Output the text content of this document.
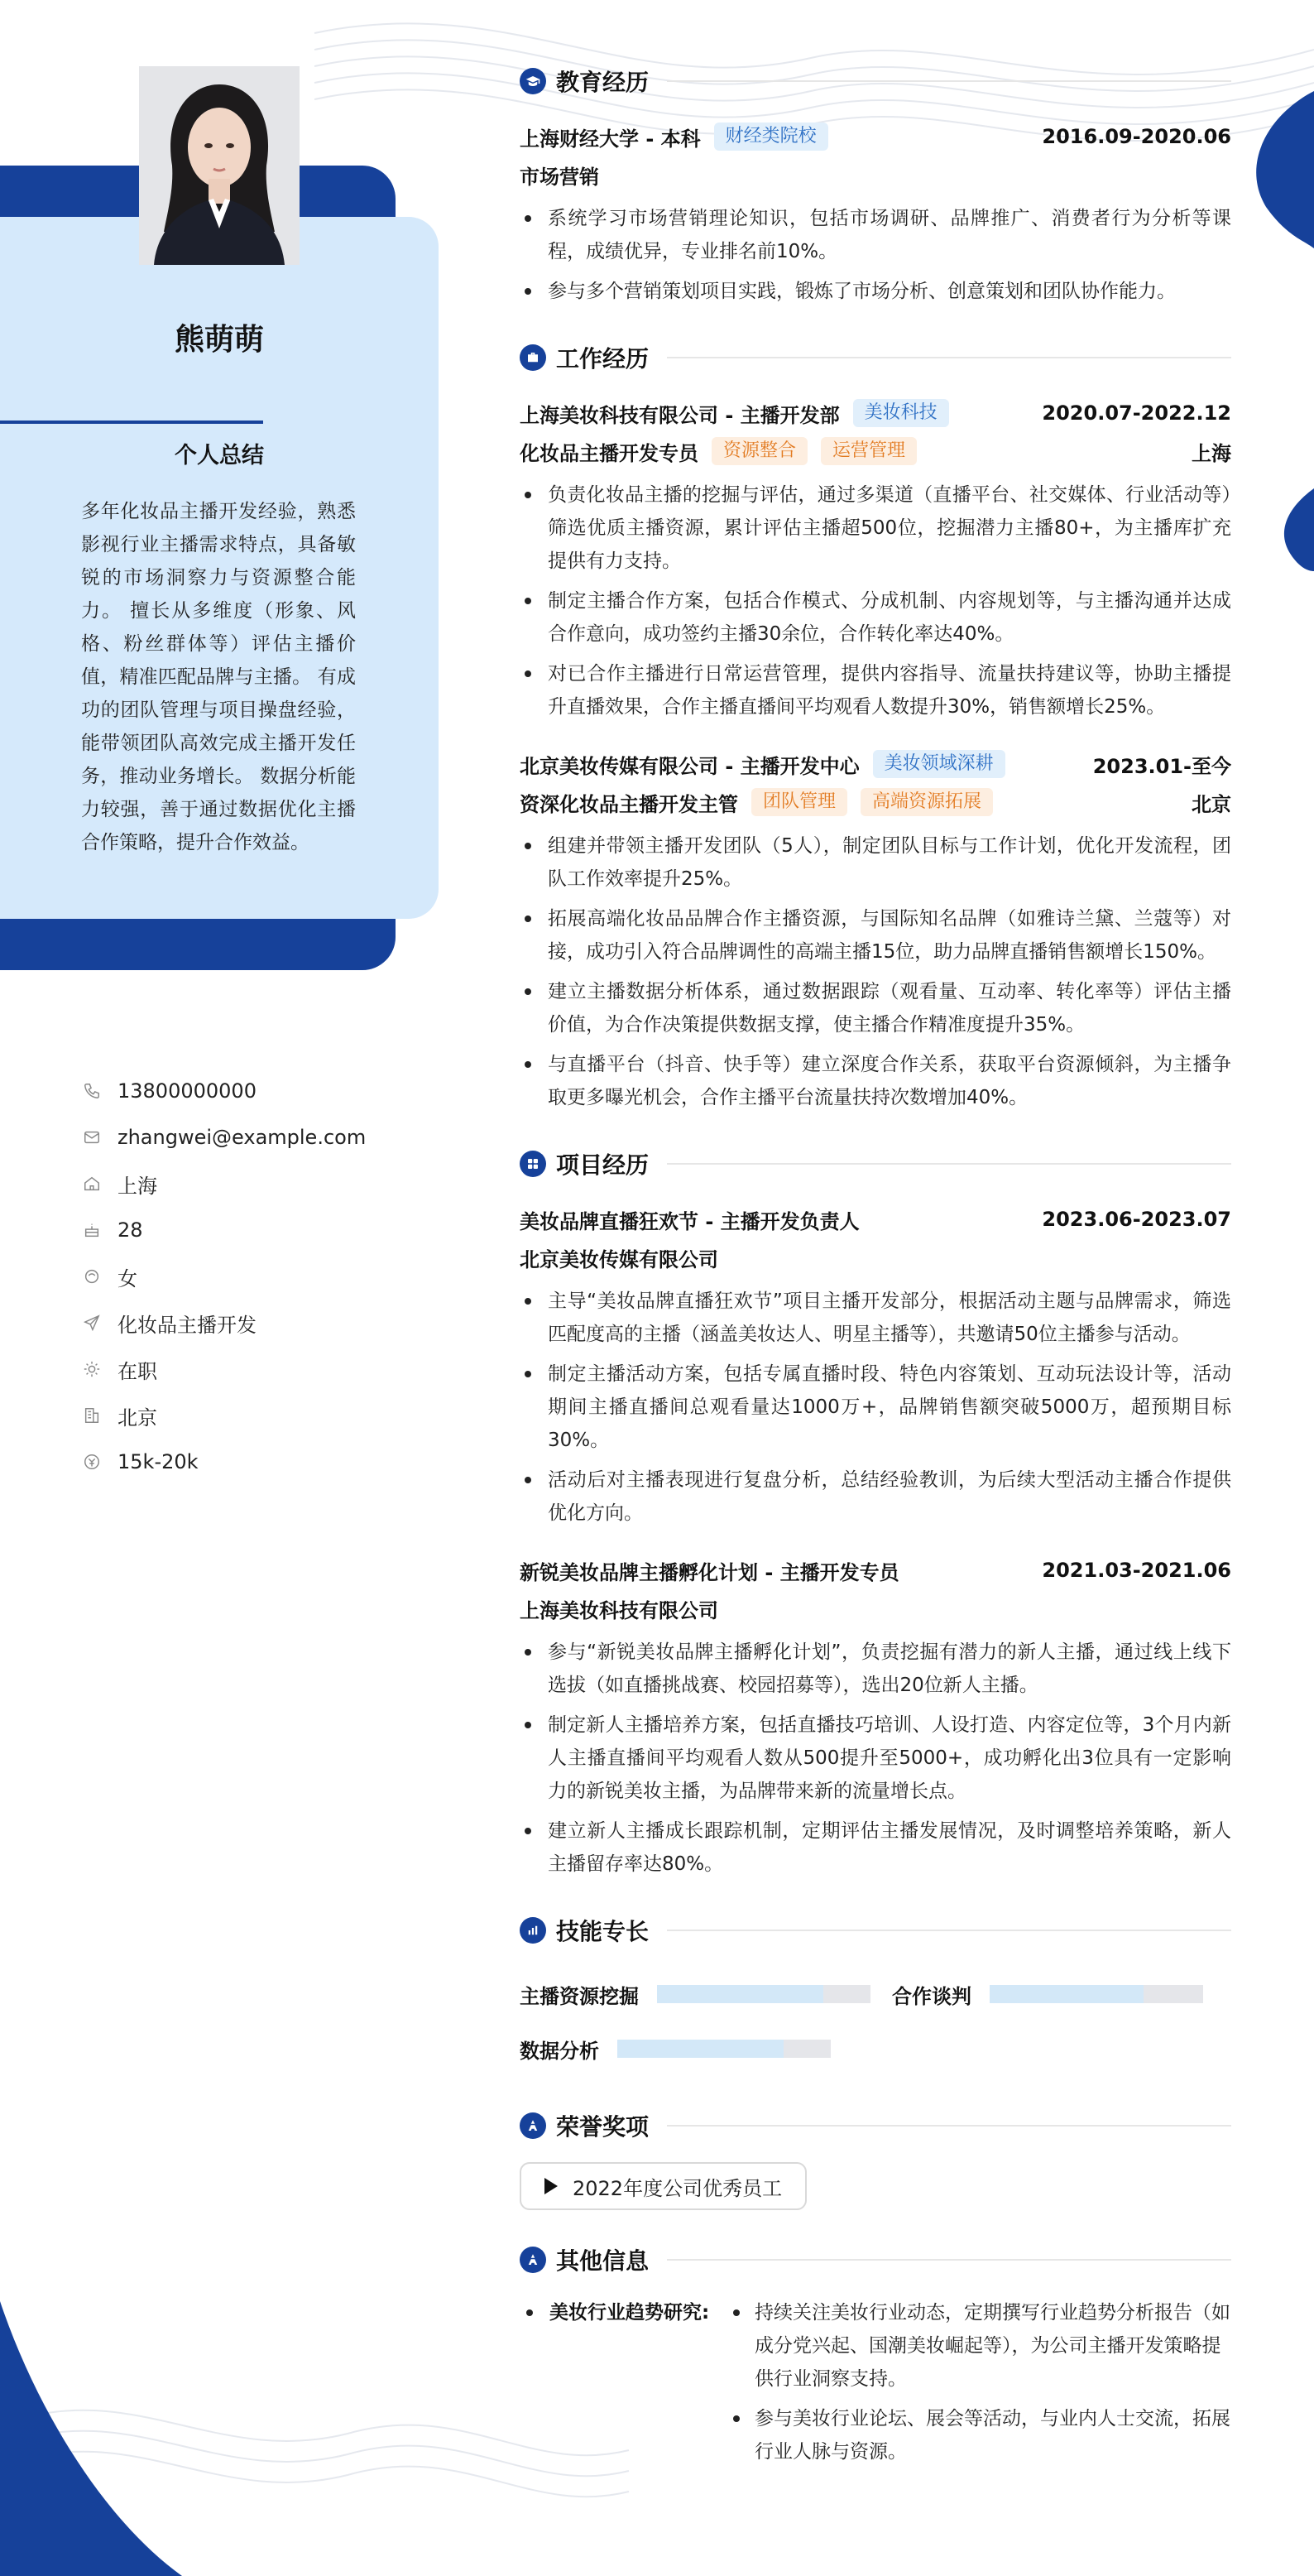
熊萌萌
个人总结
多年化妆品主播开发经验，熟悉影视行业主播需求特点，具备敏锐的市场洞察力与资源整合能力。 擅长从多维度（形象、风格、粉丝群体等）评估主播价值，精准匹配品牌与主播。 有成功的团队管理与项目操盘经验，能带领团队高效完成主播开发任务，推动业务增长。 数据分析能力较强，善于通过数据优化主播合作策略，提升合作效益。
13800000000
zhangwei@example.com
上海
28
女
化妆品主播开发
在职
北京
15k-20k
教育经历
上海财经大学 - 本科	财经类院校	2016.09-2020.06
市场营销
系统学习市场营销理论知识，包括市场调研、品牌推广、消费者行为分析等课程，成绩优异，专业排名前10%。
参与多个营销策划项目实践，锻炼了市场分析、创意策划和团队协作能力。
工作经历
上海美妆科技有限公司 - 主播开发部	美妆科技	2020.07-2022.12
化妆品主播开发专员	资源整合	运营管理	上海
负责化妆品主播的挖掘与评估，通过多渠道（直播平台、社交媒体、行业活动等）筛选优质主播资源，累计评估主播超500位，挖掘潜力主播80+，为主播库扩充提供有力支持。
制定主播合作方案，包括合作模式、分成机制、内容规划等，与主播沟通并达成合作意向，成功签约主播30余位，合作转化率达40%。
对已合作主播进行日常运营管理，提供内容指导、流量扶持建议等，协助主播提升直播效果，合作主播直播间平均观看人数提升30%，销售额增长25%。
北京美妆传媒有限公司 - 主播开发中心	美妆领域深耕	2023.01-至今
资深化妆品主播开发主管	团队管理	高端资源拓展	北京
组建并带领主播开发团队（5人），制定团队目标与工作计划，优化开发流程，团队工作效率提升25%。
拓展高端化妆品品牌合作主播资源，与国际知名品牌（如雅诗兰黛、兰蔻等）对接，成功引入符合品牌调性的高端主播15位，助力品牌直播销售额增长150%。
建立主播数据分析体系，通过数据跟踪（观看量、互动率、转化率等）评估主播价值，为合作决策提供数据支撑，使主播合作精准度提升35%。
与直播平台（抖音、快手等）建立深度合作关系，获取平台资源倾斜，为主播争取更多曝光机会，合作主播平台流量扶持次数增加40%。
项目经历
美妆品牌直播狂欢节 - 主播开发负责人	2023.06-2023.07
北京美妆传媒有限公司
主导“美妆品牌直播狂欢节”项目主播开发部分，根据活动主题与品牌需求，筛选匹配度高的主播（涵盖美妆达人、明星主播等），共邀请50位主播参与活动。
制定主播活动方案，包括专属直播时段、特色内容策划、互动玩法设计等，活动期间主播直播间总观看量达1000万+，品牌销售额突破5000万，超预期目标30%。
活动后对主播表现进行复盘分析，总结经验教训，为后续大型活动主播合作提供优化方向。
新锐美妆品牌主播孵化计划 - 主播开发专员	2021.03-2021.06
上海美妆科技有限公司
参与“新锐美妆品牌主播孵化计划”，负责挖掘有潜力的新人主播，通过线上线下选拔（如直播挑战赛、校园招募等），选出20位新人主播。
制定新人主播培养方案，包括直播技巧培训、人设打造、内容定位等，3个月内新人主播直播间平均观看人数从500提升至5000+，成功孵化出3位具有一定影响力的新锐美妆主播，为品牌带来新的流量增长点。
建立新人主播成长跟踪机制，定期评估主播发展情况，及时调整培养策略，新人主播留存率达80%。
技能专长
主播资源挖掘	合作谈判
数据分析
荣誉奖项
2022年度公司优秀员工
其他信息
美妆行业趋势研究:	持续关注美妆行业动态，定期撰写行业趋势分析报告（如成分党兴起、国潮美妆崛起等），为公司主播开发策略提供行业洞察支持。
参与美妆行业论坛、展会等活动，与业内人士交流，拓展行业人脉与资源。
